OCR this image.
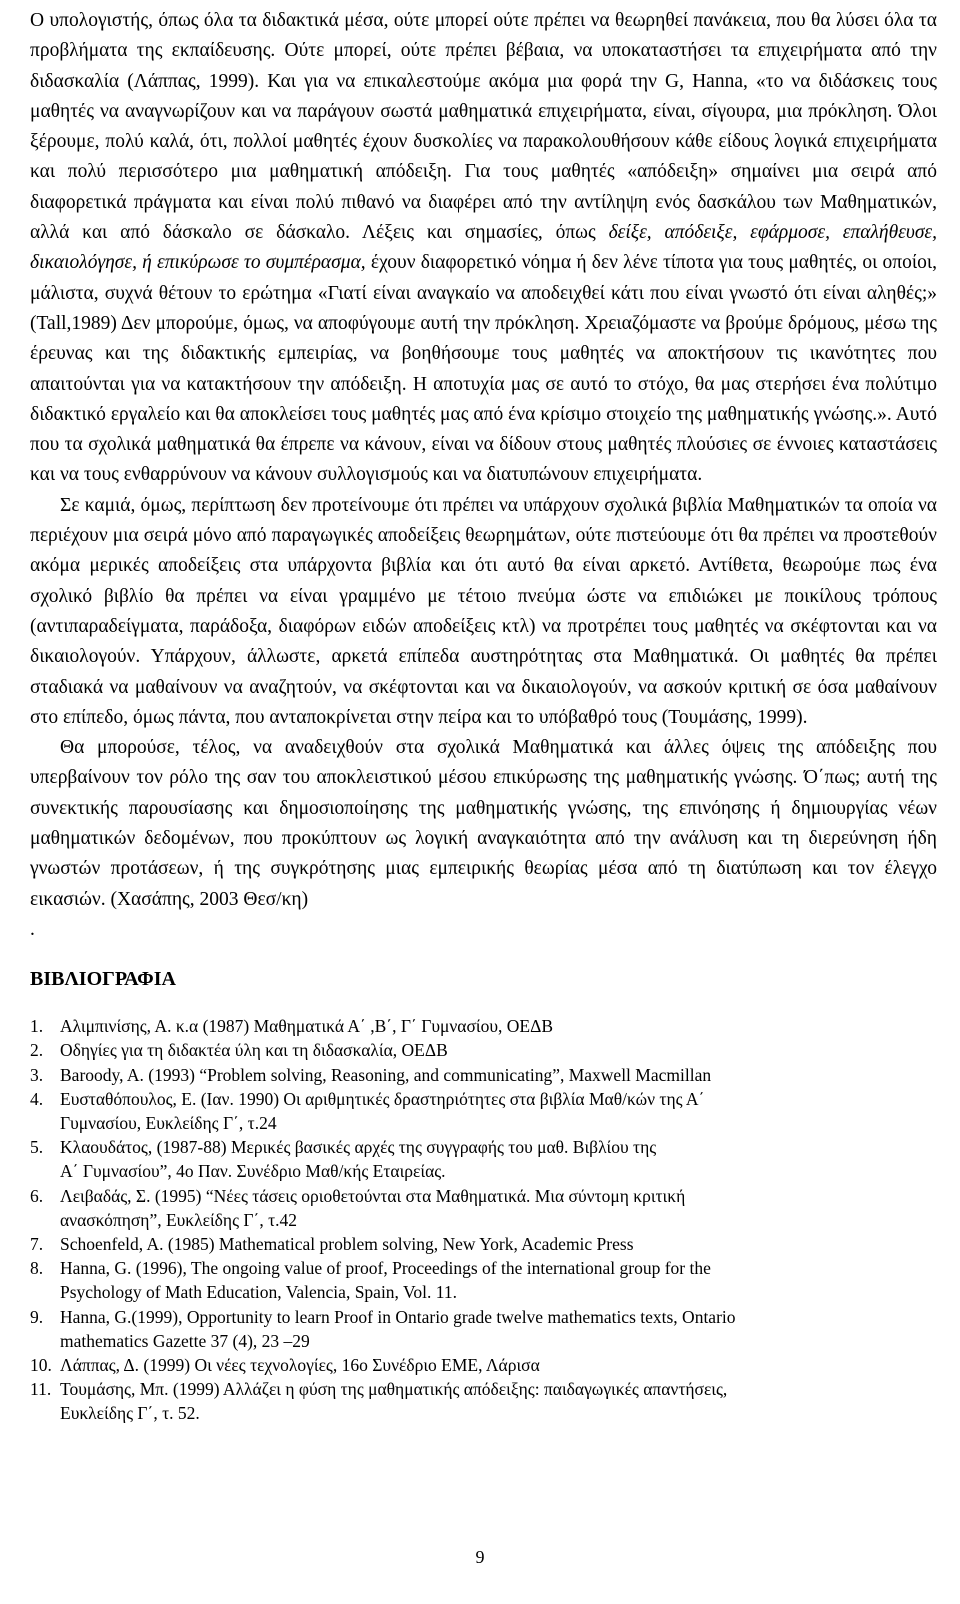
Ο υπολογιστής, όπως όλα τα διδακτικά μέσα, ούτε μπορεί ούτε πρέπει να θεωρηθεί πανάκεια, που θα λύσει όλα τα προβλήματα της εκπαίδευσης. Ούτε μπορεί, ούτε πρέπει βέβαια, να υποκαταστήσει τα επιχειρήματα από την διδασκαλία (Λάππας, 1999). Και για να επικαλεστούμε ακόμα μια φορά την G, Hanna, «το να διδάσκεις τους μαθητές να αναγνωρίζουν και να παράγουν σωστά μαθηματικά επιχειρήματα, είναι, σίγουρα, μια πρόκληση. Όλοι ξέρουμε, πολύ καλά, ότι, πολλοί μαθητές έχουν δυσκολίες να παρακολουθήσουν κάθε είδους λογικά επιχειρήματα και πολύ περισσότερο μια μαθηματική απόδειξη. Για τους μαθητές «απόδειξη» σημαίνει μια σειρά από διαφορετικά πράγματα και είναι πολύ πιθανό να διαφέρει από την αντίληψη ενός δασκάλου των Μαθηματικών, αλλά και από δάσκαλο σε δάσκαλο. Λέξεις και σημασίες, όπως δείξε, απόδειξε, εφάρμοσε, επαλήθευσε, δικαιολόγησε, ή επικύρωσε το συμπέρασμα, έχουν διαφορετικό νόημα ή δεν λένε τίποτα για τους μαθητές, οι οποίοι, μάλιστα, συχνά θέτουν το ερώτημα «Γιατί είναι αναγκαίο να αποδειχθεί κάτι που είναι γνωστό ότι είναι αληθές;» (Tall,1989) Δεν μπορούμε, όμως, να αποφύγουμε αυτή την πρόκληση. Χρειαζόμαστε να βρούμε δρόμους, μέσω της έρευνας και της διδακτικής εμπειρίας, να βοηθήσουμε τους μαθητές να αποκτήσουν τις ικανότητες που απαιτούνται για να κατακτήσουν την απόδειξη. Η αποτυχία μας σε αυτό το στόχο, θα μας στερήσει ένα πολύτιμο διδακτικό εργαλείο και θα αποκλείσει τους μαθητές μας από ένα κρίσιμο στοιχείο της μαθηματικής γνώσης.». Αυτό που τα σχολικά μαθηματικά θα έπρεπε να κάνουν, είναι να δίδουν στους μαθητές πλούσιες σε έννοιες καταστάσεις και να τους ενθαρρύνουν να κάνουν συλλογισμούς και να διατυπώνουν επιχειρήματα.

Σε καμιά, όμως, περίπτωση δεν προτείνουμε ότι πρέπει να υπάρχουν σχολικά βιβλία Μαθηματικών τα οποία να περιέχουν μια σειρά μόνο από παραγωγικές αποδείξεις θεωρημάτων, ούτε πιστεύουμε ότι θα πρέπει να προστεθούν ακόμα μερικές αποδείξεις στα υπάρχοντα βιβλία και ότι αυτό θα είναι αρκετό. Αντίθετα, θεωρούμε πως ένα σχολικό βιβλίο θα πρέπει να είναι γραμμένο με τέτοιο πνεύμα ώστε να επιδιώκει με ποικίλους τρόπους (αντιπαραδείγματα, παράδοξα, διαφόρων ειδών αποδείξεις κτλ) να προτρέπει τους μαθητές να σκέφτονται και να δικαιολογούν. Υπάρχουν, άλλωστε, αρκετά επίπεδα αυστηρότητας στα Μαθηματικά. Οι μαθητές θα πρέπει σταδιακά να μαθαίνουν να αναζητούν, να σκέφτονται και να δικαιολογούν, να ασκούν κριτική σε όσα μαθαίνουν στο επίπεδο, όμως πάντα, που ανταποκρίνεται στην πείρα και το υπόβαθρό τους (Τουμάσης, 1999).

Θα μπορούσε, τέλος, να αναδειχθούν στα σχολικά Μαθηματικά και άλλες όψεις της απόδειξης που υπερβαίνουν τον ρόλο της σαν του αποκλειστικού μέσου επικύρωσης της μαθηματικής γνώσης. Ό΄πως; αυτή της συνεκτικής παρουσίασης και δημοσιοποίησης της μαθηματικής γνώσης, της επινόησης ή δημιουργίας νέων μαθηματικών δεδομένων, που προκύπτουν ως λογική αναγκαιότητα από την ανάλυση και τη διερεύνηση ήδη γνωστών προτάσεων, ή της συγκρότησης μιας εμπειρικής θεωρίας μέσα από τη διατύπωση και τον έλεγχο εικασιών. (Χασάπης, 2003 Θεσ/κη)

.

ΒΙΒΛΙΟΓΡΑΦΙΑ
1. Αλιμπινίσης, Α. κ.α (1987) Μαθηματικά Α΄ ,Β΄, Γ΄ Γυμνασίου, ΟΕΔΒ
2. Οδηγίες για τη διδακτέα ύλη και τη διδασκαλία, ΟΕΔΒ
3. Baroody, A. (1993) “Problem solving, Reasoning, and communicating”, Maxwell Macmillan
4. Ευσταθόπουλος, Ε. (Ιαν. 1990) Οι αριθμητικές δραστηριότητες στα βιβλία Μαθ/κών της Α΄
Γυμνασίου, Ευκλείδης Γ΄, τ.24
5. Κλαουδάτος, (1987-88) Μερικές βασικές αρχές της συγγραφής του μαθ. Βιβλίου της
Α΄ Γυμνασίου”, 4ο Παν. Συνέδριο Μαθ/κής Εταιρείας.
6. Λειβαδάς, Σ. (1995) “Νέες τάσεις οριοθετούνται στα Μαθηματικά. Μια σύντομη κριτική
ανασκόπηση”, Ευκλείδης Γ΄, τ.42
7. Schoenfeld, A. (1985) Mathematical problem solving, New York, Academic Press
8. Hanna, G. (1996), The ongoing value of proof, Proceedings of the international group for the
Psychology of Math Education, Valencia, Spain, Vol. 11.
9. Hanna, G.(1999), Opportunity to learn Proof in Ontario grade twelve mathematics texts, Ontario
mathematics Gazette 37 (4), 23 –29
10. Λάππας, Δ. (1999) Οι νέες τεχνολογίες, 16ο Συνέδριο ΕΜΕ, Λάρισα
11. Τουμάσης, Μπ. (1999) Αλλάζει η φύση της μαθηματικής απόδειξης: παιδαγωγικές απαντήσεις,
Ευκλείδης Γ΄, τ. 52.
9
